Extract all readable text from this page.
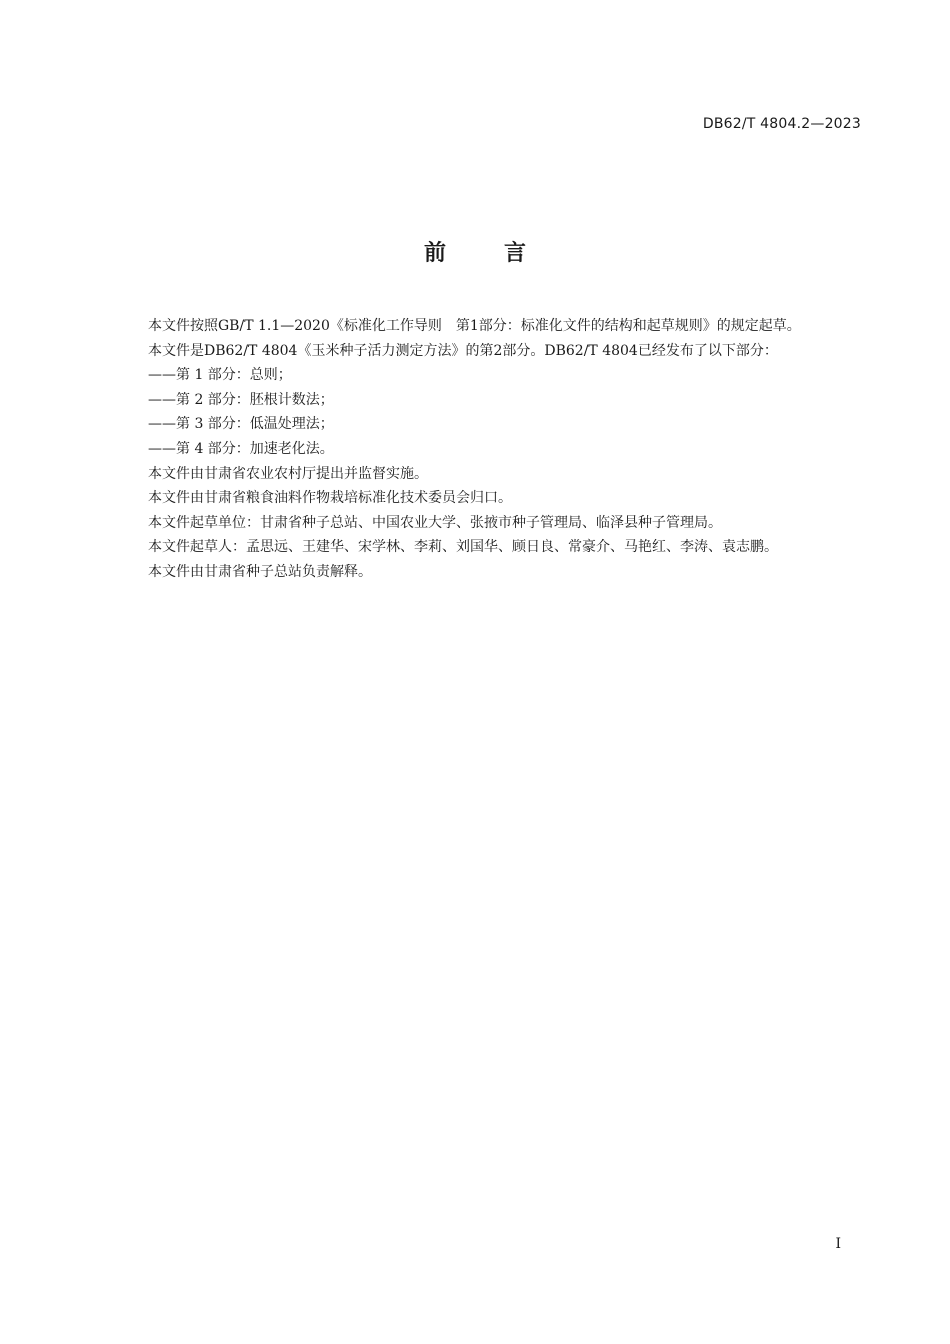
DB62/T 4804.2—2023
前言

本文件按照GB/T 1.1—2020《标准化工作导则　第1部分：标准化文件的结构和起草规则》的规定起草。

本文件是DB62/T 4804《玉米种子活力测定方法》的第2部分。DB62/T 4804已经发布了以下部分：

——第 1 部分：总则；

——第 2 部分：胚根计数法；

——第 3 部分：低温处理法；

——第 4 部分：加速老化法。

本文件由甘肃省农业农村厅提出并监督实施。

本文件由甘肃省粮食油料作物栽培标准化技术委员会归口。

本文件起草单位：甘肃省种子总站、中国农业大学、张掖市种子管理局、临泽县种子管理局。

本文件起草人：孟思远、王建华、宋学林、李莉、刘国华、顾日良、常豪介、马艳红、李涛、袁志鹏。

本文件由甘肃省种子总站负责解释。

I
